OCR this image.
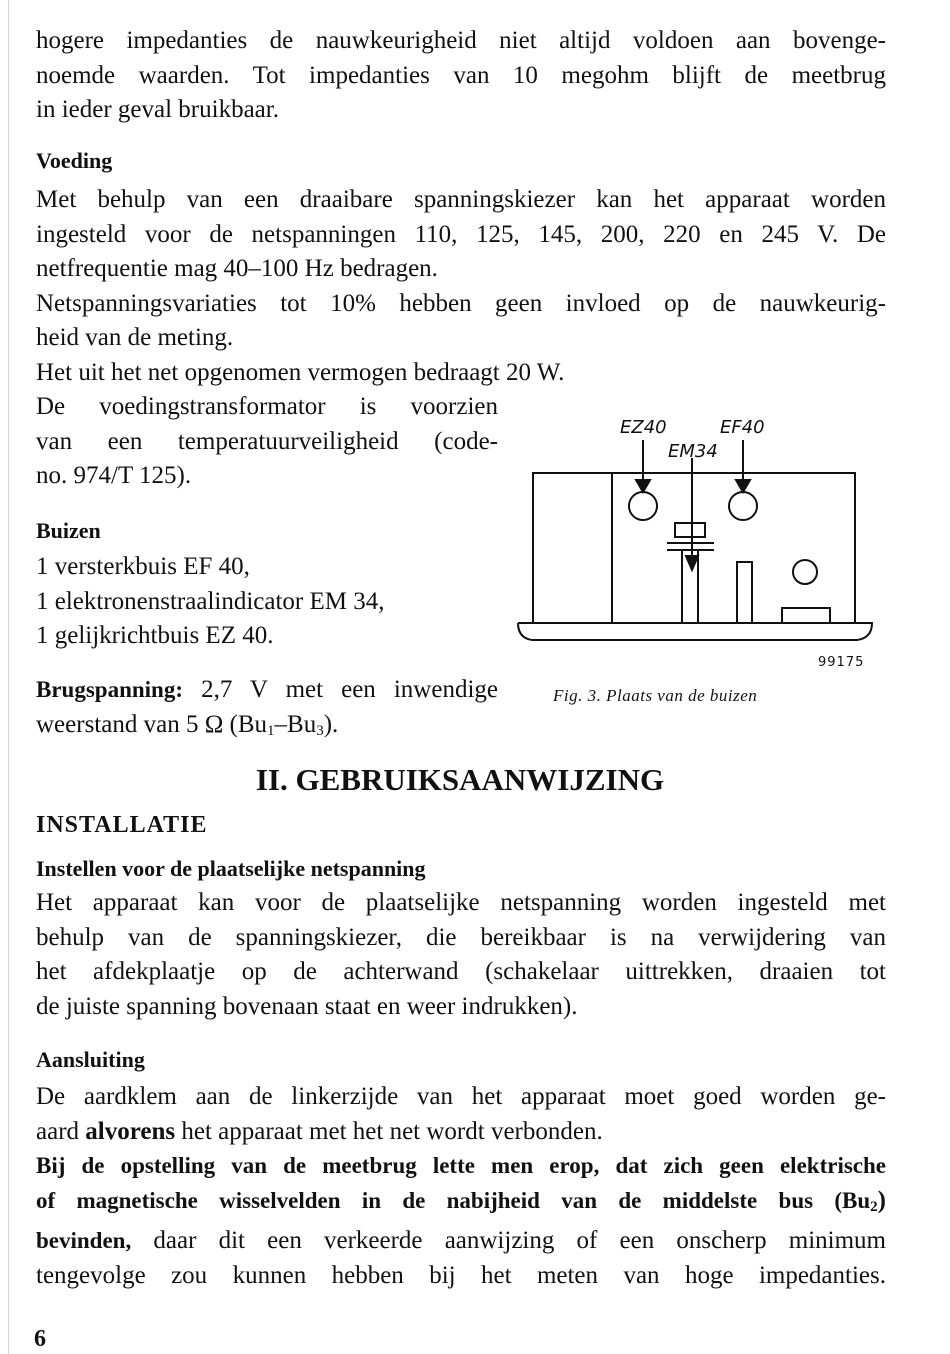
hogere impedanties de nauwkeurigheid niet altijd voldoen aan bovenge-
noemde waarden. Tot impedanties van 10 megohm blijft de meetbrug
in ieder geval bruikbaar.

Voeding

Met behulp van een draaibare spanningskiezer kan het apparaat worden
ingesteld voor de netspanningen 110, 125, 145, 200, 220 en 245 V. De
netfrequentie mag 40–100 Hz bedragen.
Netspanningsvariaties tot 10% hebben geen invloed op de nauwkeurig-
heid van de meting.
Het uit het net opgenomen vermogen bedraagt 20 W.

De voedingstransformator is voorzien
van een temperatuurveiligheid (code-
no. 974/T 125).

Buizen

1 versterkbuis EF 40,
1 elektronenstraalindicator EM 34,
1 gelijkrichtbuis EZ 40.

Brugspanning: 2,7 V met een inwendige
weerstand van 5 Ω $(Bu_1-Bu_3)$.

EZ40	EF40
EM34

99175

Fig. 3. Plaats van de buizen

II. GEBRUIKSAANWIJZING
INSTALLATIE
Instellen voor de plaatselijke netspanning

Het apparaat kan voor de plaatselijke netspanning worden ingesteld met
behulp van de spanningskiezer, die bereikbaar is na verwijdering van
het afdekplaatje op de achterwand (schakelaar uittrekken, draaien tot
de juiste spanning bovenaan staat en weer indrukken).

Aansluiting

De aardklem aan de linkerzijde van het apparaat moet goed worden ge-
aard alvorens het apparaat met het net wordt verbonden.
Bij de opstelling van de meetbrug lette men erop, dat zich geen elektrische
of magnetische wisselvelden in de nabijheid van de middelste bus $(Bu_2)$
bevinden, daar dit een verkeerde aanwijzing of een onscherp minimum
tengevolge zou kunnen hebben bij het meten van hoge impedanties.

6
